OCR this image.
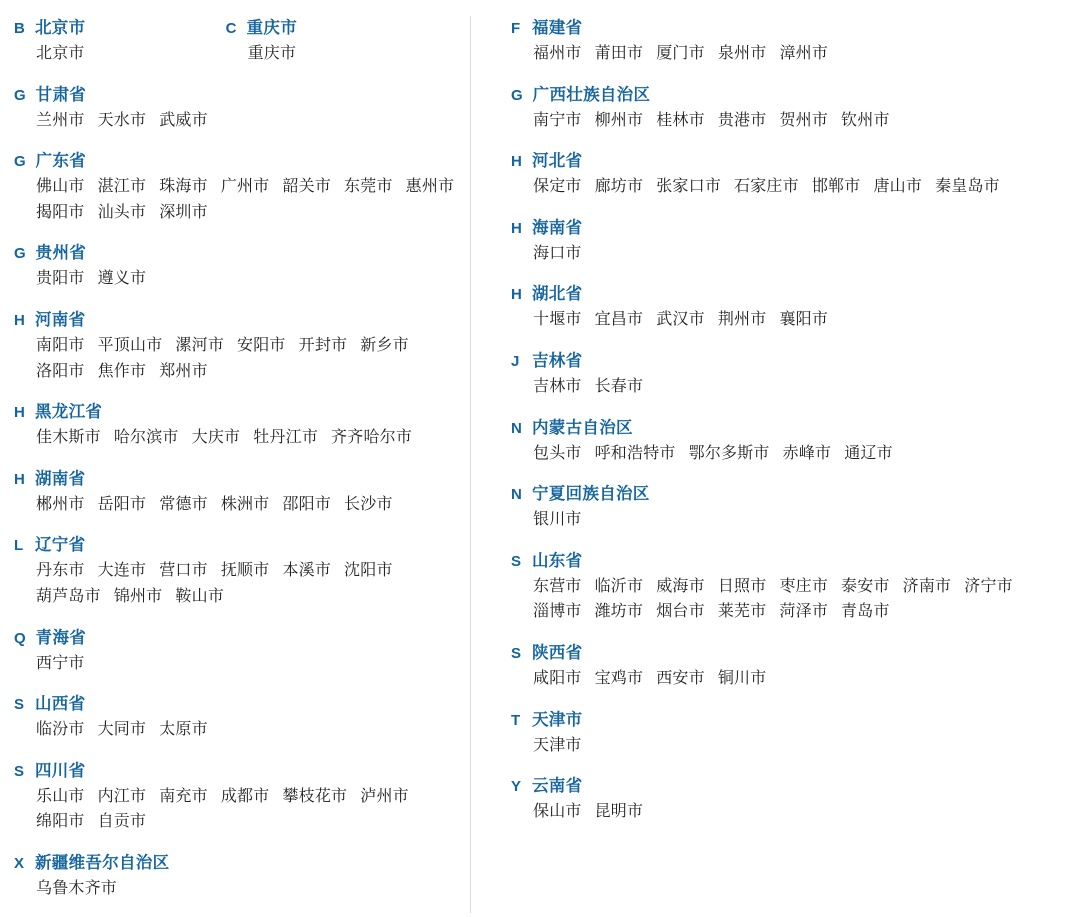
B 北京市
北京市
C 重庆市
重庆市
G 甘肃省
兰州市 天水市 武威市
G 广东省
佛山市 湛江市 珠海市 广州市 韶关市 东莞市 惠州市揭阳市 汕头市 深圳市
G 贵州省
贵阳市 遵义市
H 河南省
南阳市 平顶山市 漯河市 安阳市 开封市 新乡市洛阳市 焦作市 郑州市
H 黑龙江省
佳木斯市 哈尔滨市 大庆市 牡丹江市 齐齐哈尔市
H 湖南省
郴州市 岳阳市 常德市 株洲市 邵阳市 长沙市
L 辽宁省
丹东市 大连市 营口市 抚顺市 本溪市 沈阳市葫芦岛市 锦州市 鞍山市
Q 青海省
西宁市
S 山西省
临汾市 大同市 太原市
S 四川省
乐山市 内江市 南充市 成都市 攀枝花市 泸州市绵阳市 自贡市
X 新疆维吾尔自治区
乌鲁木齐市
F 福建省
福州市 莆田市 厦门市 泉州市 漳州市
G 广西壮族自治区
南宁市 柳州市 桂林市 贵港市 贺州市 钦州市
H 河北省
保定市 廊坊市 张家口市 石家庄市 邯郸市 唐山市 秦皇岛市
H 海南省
海口市
H 湖北省
十堰市 宜昌市 武汉市 荆州市 襄阳市
J 吉林省
吉林市 长春市
N 内蒙古自治区
包头市 呼和浩特市 鄂尔多斯市 赤峰市 通辽市
N 宁夏回族自治区
银川市
S 山东省
东营市 临沂市 威海市 日照市 枣庄市 泰安市 济南市 济宁市淄博市 潍坊市 烟台市 莱芜市 菏泽市 青岛市
S 陕西省
咸阳市 宝鸡市 西安市 铜川市
T 天津市
天津市
Y 云南省
保山市 昆明市
